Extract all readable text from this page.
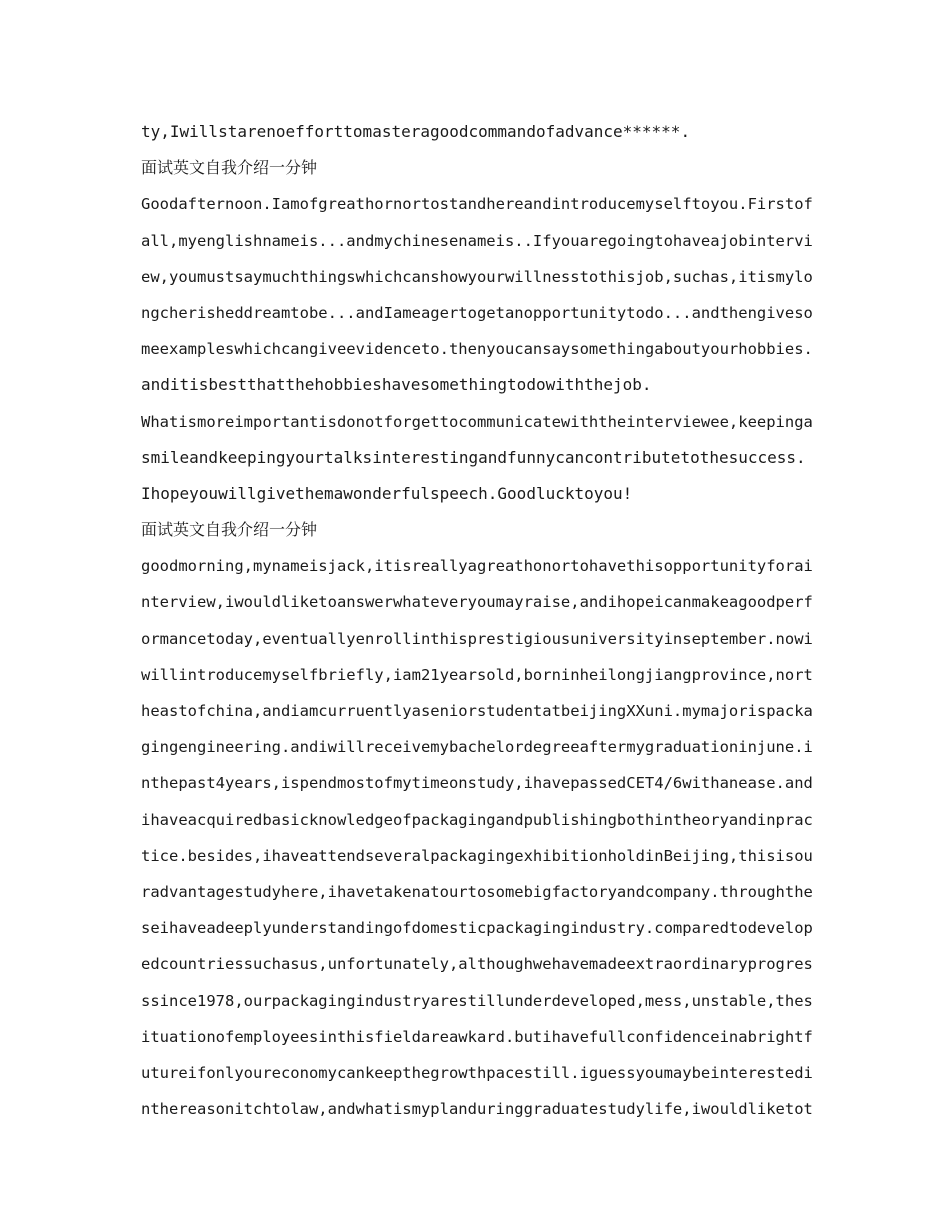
ty,Iwillstarenoefforttomasteragoodcommandofadvance******.
面试英文自我介绍一分钟
Goodafternoon.Iamofgreathornortostandhereandintroducemyselftoyou.Firstof
all,myenglishnameis...andmychinesenameis..Ifyouaregoingtohaveajobintervi
ew,youmustsaymuchthingswhichcanshowyourwillnesstothisjob,suchas,itismylo
ngcherisheddreamtobe...andIameagertogetanopportunitytodo...andthengiveso
meexampleswhichcangiveevidenceto.thenyoucansaysomethingaboutyourhobbies.
anditisbestthatthehobbieshavesomethingtodowiththejob.
Whatismoreimportantisdonotforgettocommunicatewiththeinterviewee,keepinga
smileandkeepingyourtalksinterestingandfunnycancontributetothesuccess.
Ihopeyouwillgivethemawonderfulspeech.Goodlucktoyou!
面试英文自我介绍一分钟
goodmorning,mynameisjack,itisreallyagreathonortohavethisopportunityforai
nterview,iwouldliketoanswerwhateveryoumayraise,andihopeicanmakeagoodperf
ormancetoday,eventuallyenrollinthisprestigiousuniversityinseptember.nowi
willintroducemyselfbriefly,iam21yearsold,borninheilongjiangprovince,nort
heastofchina,andiamcurruentlyaseniorstudentatbeijingXXuni.mymajorispacka
gingengineering.andiwillreceivemybachelordegreeaftermygraduationinjune.i
nthepast4years,ispendmostofmytimeonstudy,ihavepassedCET4/6withanease.and
ihaveacquiredbasicknowledgeofpackagingandpublishingbothintheoryandinprac
tice.besides,ihaveattendseveralpackagingexhibitionholdinBeijing,thisisou
radvantagestudyhere,ihavetakenatourtosomebigfactoryandcompany.throughthe
seihaveadeeplyunderstandingofdomesticpackagingindustry.comparedtodevelop
edcountriessuchasus,unfortunately,althoughwehavemadeextraordinaryprogres
ssince1978,ourpackagingindustryarestillunderdeveloped,mess,unstable,thes
ituationofemployeesinthisfieldareawkard.butihavefullconfidenceinabrightf
utureifonlyoureconomycankeepthegrowthpacestill.iguessyoumaybeinterestedi
nthereasonitchtolaw,andwhatismyplanduringgraduatestudylife,iwouldliketot
